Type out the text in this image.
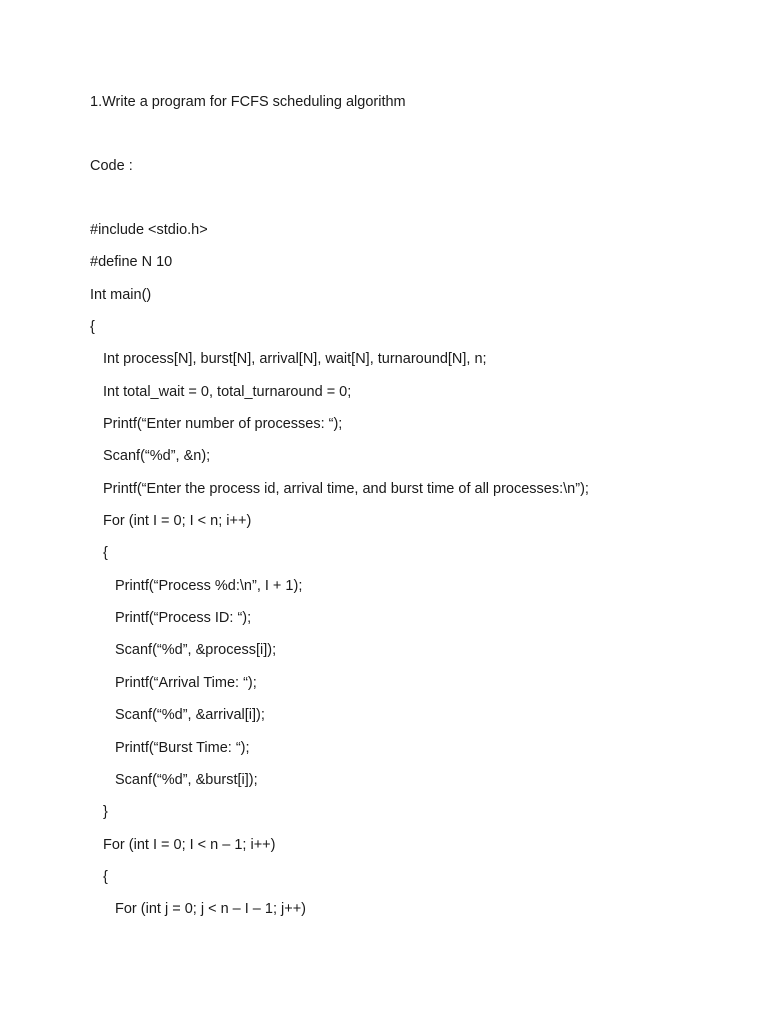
1.Write a program for FCFS scheduling algorithm
Code :
#include <stdio.h>
#define N 10
Int main()
{
Int process[N], burst[N], arrival[N], wait[N], turnaround[N], n;
Int total_wait = 0, total_turnaround = 0;
Printf(“Enter number of processes: “);
Scanf(“%d”, &n);
Printf(“Enter the process id, arrival time, and burst time of all processes:\n”);
For (int I = 0; I < n; i++)
{
Printf(“Process %d:\n”, I + 1);
Printf(“Process ID: “);
Scanf(“%d”, &process[i]);
Printf(“Arrival Time: “);
Scanf(“%d”, &arrival[i]);
Printf(“Burst Time: “);
Scanf(“%d”, &burst[i]);
}
For (int I = 0; I < n – 1; i++)
{
For (int j = 0; j < n – I – 1; j++)
